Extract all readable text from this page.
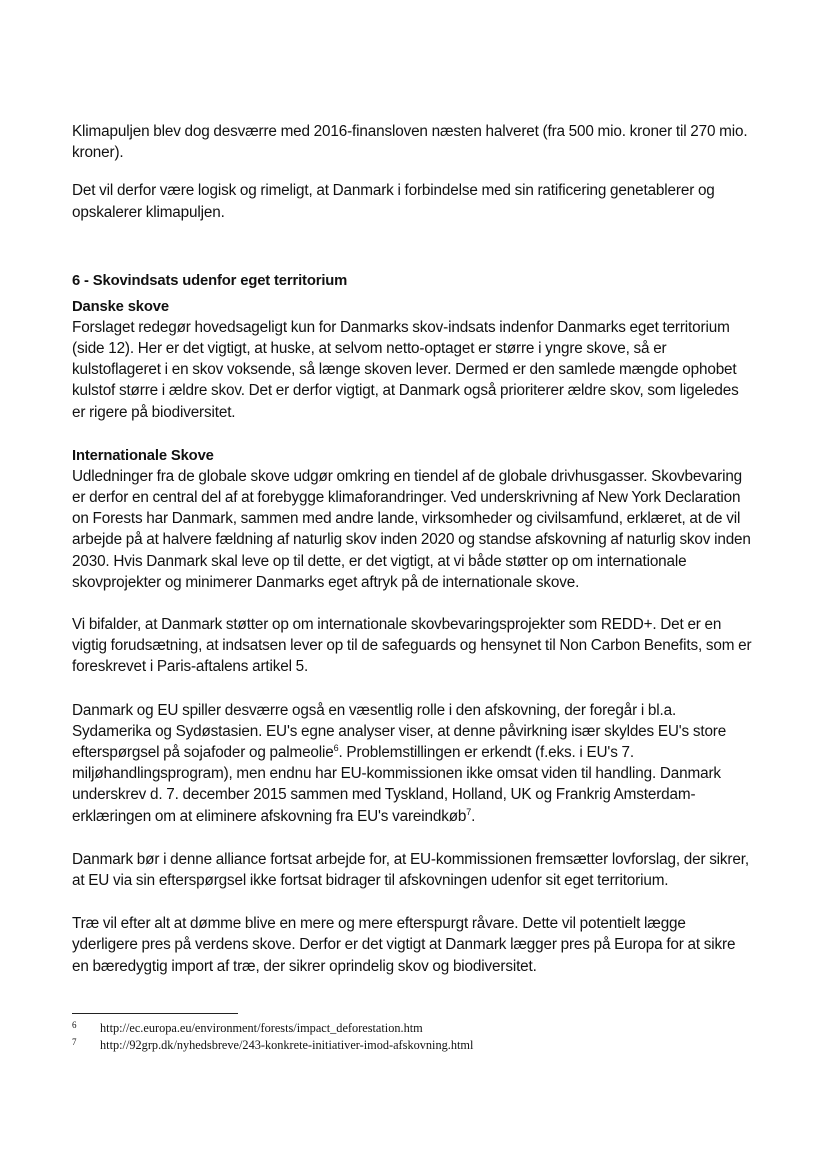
Klimapuljen blev dog desværre med 2016-finansloven næsten halveret (fra 500 mio. kroner til 270 mio. kroner).

Det vil derfor være logisk og rimeligt, at Danmark i forbindelse med sin ratificering genetablerer og opskalerer klimapuljen.

6 - Skovindsats udenfor eget territorium
Danske skove

Forslaget redegør hovedsageligt kun for Danmarks skov-indsats indenfor Danmarks eget territorium (side 12). Her er det vigtigt, at huske, at selvom netto-optaget er større i yngre skove, så er kulstoflageret i en skov voksende, så længe skoven lever. Dermed er den samlede mængde ophobet kulstof større i ældre skov. Det er derfor vigtigt, at Danmark også prioriterer ældre skov, som ligeledes er rigere på biodiversitet.

Internationale Skove

Udledninger fra de globale skove udgør omkring en tiendel af de globale drivhusgasser. Skovbevaring er derfor en central del af at forebygge klimaforandringer. Ved underskrivning af New York Declaration on Forests har Danmark, sammen med andre lande, virksomheder og civilsamfund, erklæret, at de vil arbejde på at halvere fældning af naturlig skov inden 2020 og standse afskovning af naturlig skov inden 2030. Hvis Danmark skal leve op til dette, er det vigtigt, at vi både støtter op om internationale skovprojekter og minimerer Danmarks eget aftryk på de internationale skove.

Vi bifalder, at Danmark støtter op om internationale skovbevaringsprojekter som REDD+. Det er en vigtig forudsætning, at indsatsen lever op til de safeguards og hensynet til Non Carbon Benefits, som er foreskrevet i Paris-aftalens artikel 5.

Danmark og EU spiller desværre også en væsentlig rolle i den afskovning, der foregår i bl.a. Sydamerika og Sydøstasien. EU's egne analyser viser, at denne påvirkning især skyldes EU's store efterspørgsel på sojafoder og palmeolie$^6$. Problemstillingen er erkendt (f.eks. i EU's 7. miljøhandlingsprogram), men endnu har EU-kommissionen ikke omsat viden til handling. Danmark underskrev d. 7. december 2015 sammen med Tyskland, Holland, UK og Frankrig Amsterdam-erklæringen om at eliminere afskovning fra EU's vareindkøb$^7$.

Danmark bør i denne alliance fortsat arbejde for, at EU-kommissionen fremsætter lovforslag, der sikrer, at EU via sin efterspørgsel ikke fortsat bidrager til afskovningen udenfor sit eget territorium.

Træ vil efter alt at dømme blive en mere og mere efterspurgt råvare. Dette vil potentielt lægge yderligere pres på verdens skove. Derfor er det vigtigt at Danmark lægger pres på Europa for at sikre en bæredygtig import af træ, der sikrer oprindelig skov og biodiversitet.

6	http://ec.europa.eu/environment/forests/impact_deforestation.htm
7	http://92grp.dk/nyhedsbreve/243-konkrete-initiativer-imod-afskovning.html
